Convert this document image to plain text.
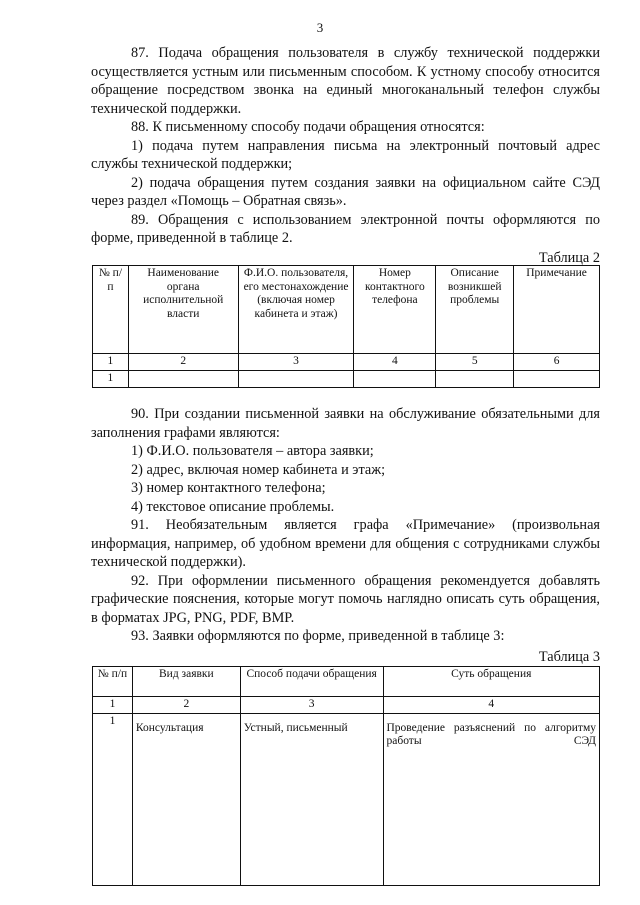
3

87. Подача обращения пользователя в службу технической поддержки осуществляется устным или письменным способом. К устному способу относится обращение посредством звонка на единый многоканальный телефон службы технической поддержки.

88. К письменному способу подачи обращения относятся:

1) подача путем направления письма на электронный почтовый адрес службы технической поддержки;

2) подача обращения путем создания заявки на официальном сайте СЭД через раздел «Помощь – Обратная связь».

89. Обращения с использованием электронной почты оформляются по форме, приведенной в таблице 2.

Таблица 2
№ п/п	Наименование органа исполнительной власти	Ф.И.О. пользователя, его местонахождение (включая номер кабинета и этаж)	Номер контактного телефона	Описание возникшей проблемы	Примечание
1	2	3	4	5	6
1					

90. При создании письменной заявки на обслуживание обязательными для заполнения графами являются:

1) Ф.И.О. пользователя – автора заявки;

2) адрес, включая номер кабинета и этаж;

3) номер контактного телефона;

4) текстовое описание проблемы.

91. Необязательным является графа «Примечание» (произвольная информация, например, об удобном времени для общения с сотрудниками службы технической поддержки).

92. При оформлении письменного обращения рекомендуется добавлять графические пояснения, которые могут помочь наглядно описать суть обращения, в форматах JPG, PNG, PDF, BMP.

93. Заявки оформляются по форме, приведенной в таблице 3:

Таблица 3
№ п/п	Вид заявки	Способ подачи обращения	Суть обращения
1	2	3	4
1	Консультация	Устный, письменный	Проведение разъяснений по алгоритму работы СЭД
